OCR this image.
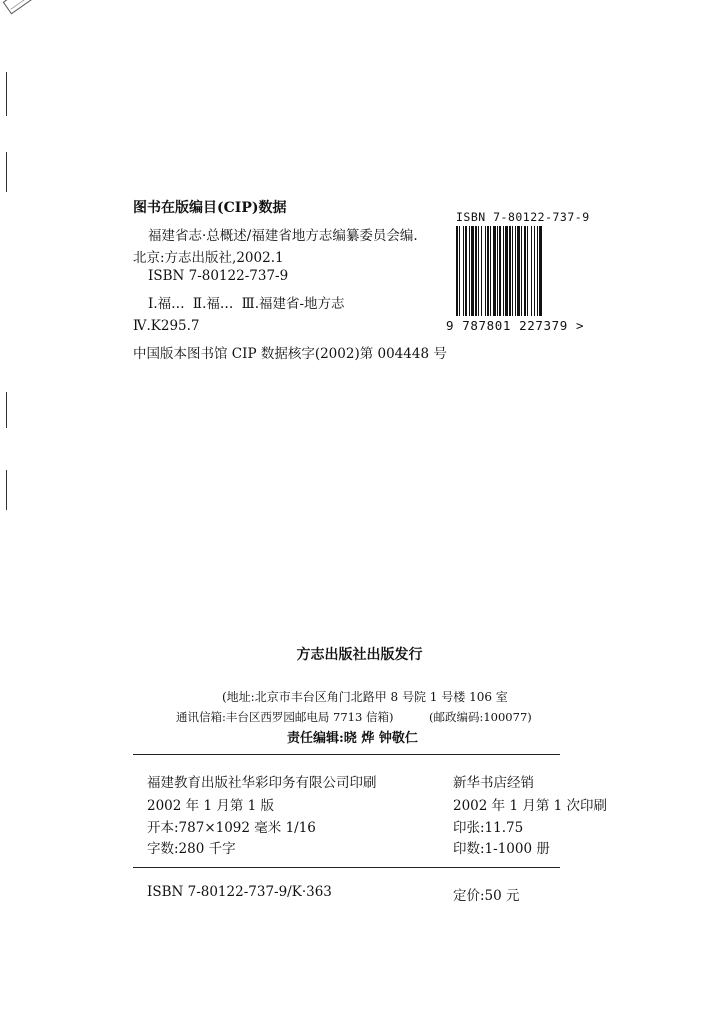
图书在版编目(CIP)数据
福建省志·总概述/福建省地方志编纂委员会编.
北京:方志出版社,2002.1
ISBN 7-80122-737-9
Ⅰ.福… Ⅱ.福… Ⅲ.福建省-地方志
Ⅳ.K295.7
中国版本图书馆 CIP 数据核字(2002)第 004448 号
ISBN 7-80122-737-9
9 787801 227379 >
方志出版社出版发行
(地址:北京市丰台区角门北路甲 8 号院 1 号楼 106 室
通讯信箱:丰台区西罗园邮电局 7713 信箱)	(邮政编码:100077)
责任编辑:晓 烨 钟敬仁
福建教育出版社华彩印务有限公司印刷	新华书店经销
2002 年 1 月第 1 版	2002 年 1 月第 1 次印刷
开本:787×1092 毫米 1/16	印张:11.75
字数:280 千字	印数:1-1000 册
ISBN 7-80122-737-9/K·363	定价:50 元
